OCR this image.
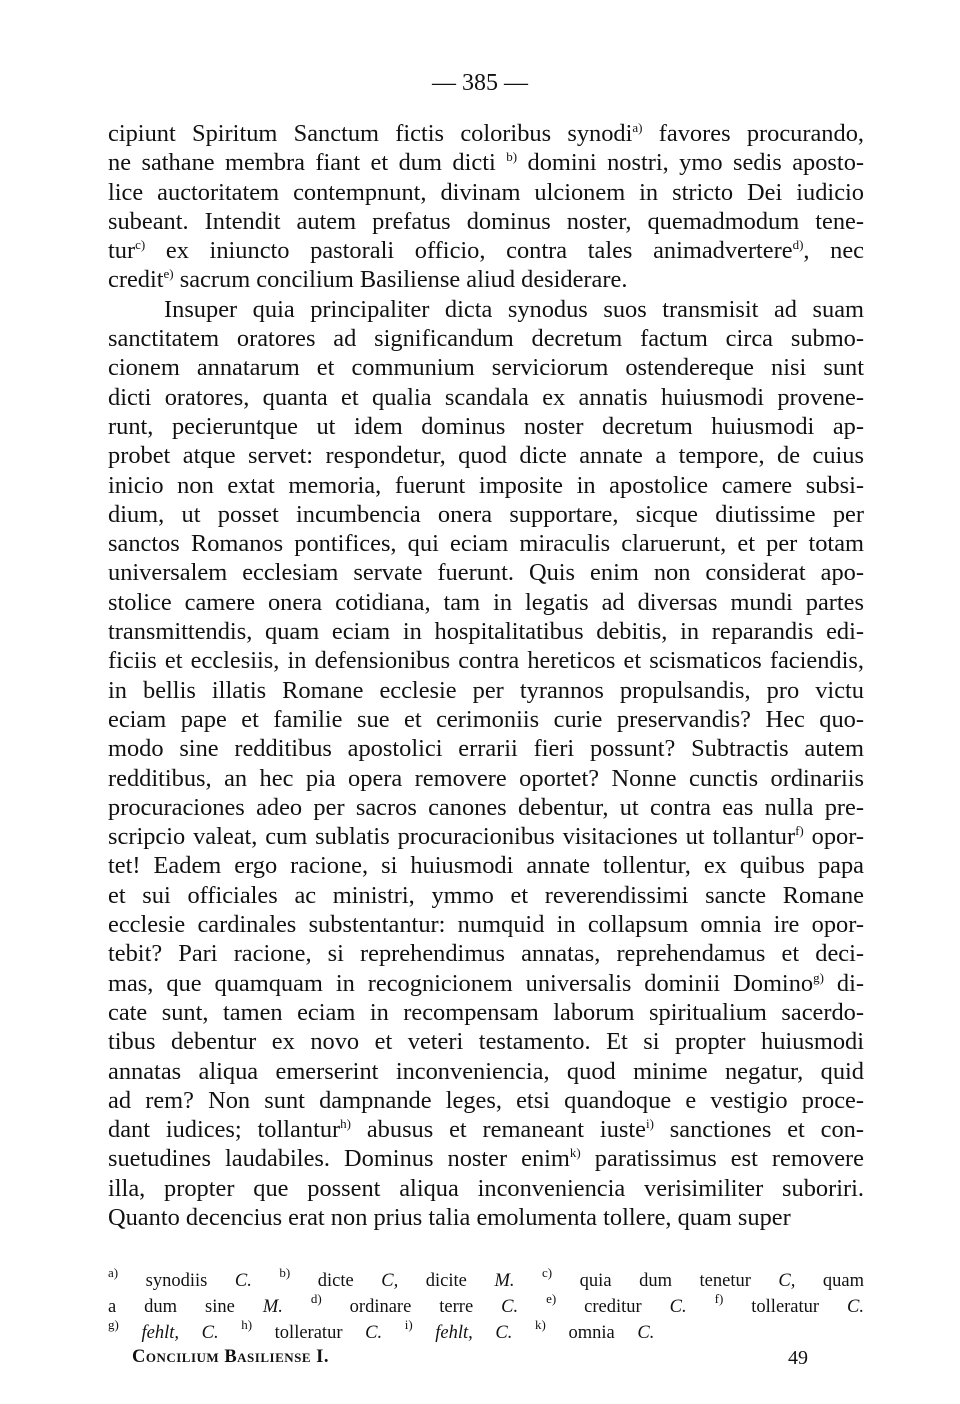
— 385 —
cipiunt Spiritum Sanctum fictis coloribus synodi$^{a)}$ favores procurando,
ne sathane membra fiant et dum dicti $^{b)}$ domini nostri, ymo sedis aposto-
lice auctoritatem contempnunt, divinam ulcionem in stricto Dei iudicio
subeant. Intendit autem prefatus dominus noster, quemadmodum tene-
tur$^{c)}$ ex iniuncto pastorali officio, contra tales animadvertere$^{d)}$, nec
credit$^{e)}$ sacrum concilium Basiliense aliud desiderare.
Insuper quia principaliter dicta synodus suos transmisit ad suam
sanctitatem oratores ad significandum decretum factum circa submo-
cionem annatarum et communium serviciorum ostendereque nisi sunt
dicti oratores, quanta et qualia scandala ex annatis huiusmodi provene-
runt, pecieruntque ut idem dominus noster decretum huiusmodi ap-
probet atque servet: respondetur, quod dicte annate a tempore, de cuius
inicio non extat memoria, fuerunt imposite in apostolice camere subsi-
dium, ut posset incumbencia onera supportare, sicque diutissime per
sanctos Romanos pontifices, qui eciam miraculis claruerunt, et per totam
universalem ecclesiam servate fuerunt. Quis enim non considerat apo-
stolice camere onera cotidiana, tam in legatis ad diversas mundi partes
transmittendis, quam eciam in hospitalitatibus debitis, in reparandis edi-
ficiis et ecclesiis, in defensionibus contra hereticos et scismaticos faciendis,
in bellis illatis Romane ecclesie per tyrannos propulsandis, pro victu
eciam pape et familie sue et cerimoniis curie preservandis? Hec quo-
modo sine redditibus apostolici errarii fieri possunt? Subtractis autem
redditibus, an hec pia opera removere oportet? Nonne cunctis ordinariis
procuraciones adeo per sacros canones debentur, ut contra eas nulla pre-
scripcio valeat, cum sublatis procuracionibus visitaciones ut tollantur$^{f)}$ opor-
tet! Eadem ergo racione, si huiusmodi annate tollentur, ex quibus papa
et sui officiales ac ministri, ymmo et reverendissimi sancte Romane
ecclesie cardinales substentantur: numquid in collapsum omnia ire opor-
tebit? Pari racione, si reprehendimus annatas, reprehendamus et deci-
mas, que quamquam in recognicionem universalis dominii Domino$^{g)}$ di-
cate sunt, tamen eciam in recompensam laborum spiritualium sacerdo-
tibus debentur ex novo et veteri testamento. Et si propter huiusmodi
annatas aliqua emerserint inconveniencia, quod minime negatur, quid
ad rem? Non sunt dampnande leges, etsi quandoque e vestigio proce-
dant iudices; tollantur$^{h)}$ abusus et remaneant iuste$^{i)}$ sanctiones et con-
suetudines laudabiles. Dominus noster enim$^{k)}$ paratissimus est removere
illa, propter que possent aliqua inconveniencia verisimiliter suboriri.
Quanto decencius erat non prius talia emolumenta tollere, quam super
$^{a)}$ synodiis C. $^{b)}$ dicte C, dicite M. $^{c)}$ quia dum tenetur C, quam
a dum sine M. $^{d)}$ ordinare terre C. $^{e)}$ creditur C. $^{f)}$ tolleratur C.
$^{g)}$ fehlt, C. $^{h)}$ tolleratur C. $^{i)}$ fehlt, C. $^{k)}$ omnia C.
Concilium Basiliense I.	49
